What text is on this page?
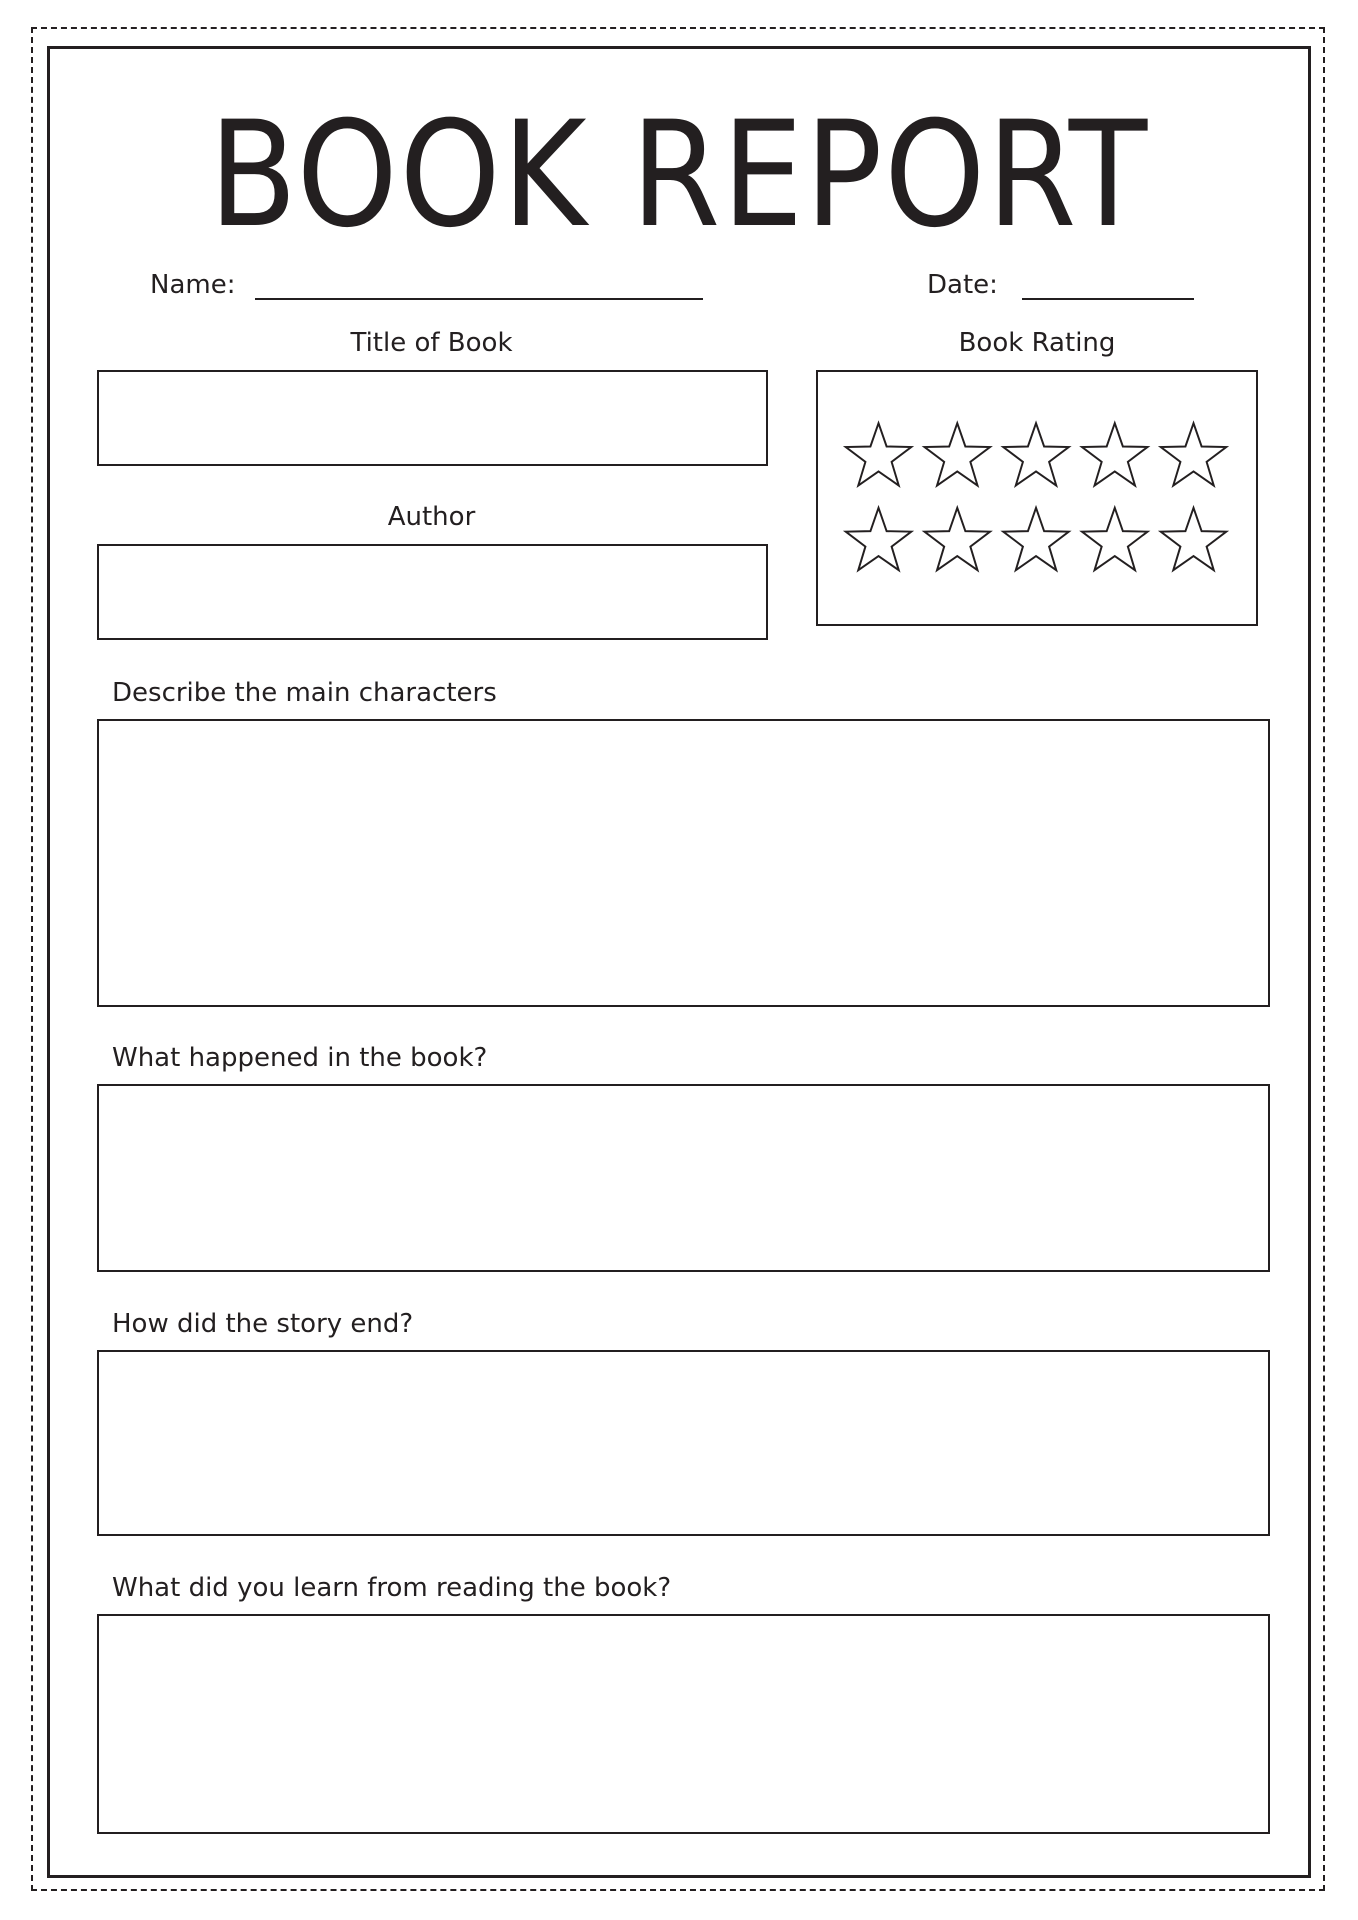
BOOK REPORT
Name:	Date:
Title of Book
Author
Book Rating
Describe the main characters
What happened in the book?
How did the story end?
What did you learn from reading the book?
